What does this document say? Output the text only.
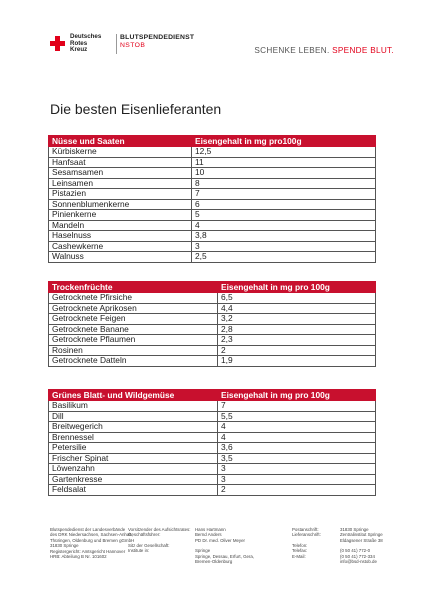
Deutsches
Rotes
Kreuz
BLUTSPENDEDIENST
NSTOB
SCHENKE LEBEN. SPENDE BLUT.
Die besten Eisenlieferanten
Nüsse und Saaten	Eisengehalt in mg pro100g
Kürbiskerne	12,5
Hanfsaat	11
Sesamsamen	10
Leinsamen	8
Pistazien	7
Sonnenblumenkerne	6
Pinienkerne	5
Mandeln	4
Haselnuss	3,8
Cashewkerne	3
Walnuss	2,5
Trockenfrüchte	Eisengehalt in mg pro 100g
Getrocknete Pfirsiche	6,5
Getrocknete Aprikosen	4,4
Getrocknete Feigen	3,2
Getrocknete Banane	2,8
Getrocknete Pflaumen	2,3
Rosinen	2
Getrocknete Datteln	1,9
Grünes Blatt- und Wildgemüse	Eisengehalt in mg pro 100g
Basilikum	7
Dill	5,5
Breitwegerich	4
Brennessel	4
Petersilie	3,6
Frischer Spinat	3,5
Löwenzahn	3
Gartenkresse	3
Feldsalat	2
Blutspendedienst der Landesverbände
des DRK Niedersachsen, Sachsen-Anhalt,
Thüringen, Oldenburg und Bremen gGmbH
31830 Springe
Registergericht: Amtsgericht Hannover
HRB: Abteilung B Nr. 101602
Vorsitzender des Aufsichtsrates:
Geschäftsführer:
Sitz der Gesellschaft:
Institute in:
Hans Hartmann
Bernd Anders
PD Dr. med. Oliver Meyer
Springe
Springe, Dessau, Erfurt, Gera,
Bremen-Oldenburg
Postanschrift:
Lieferanschrift:
Telefon:
Telefax:
E-Mail:
31830 Springe
Zentralinstitut Springe
Eldagsener Straße 38
(0 50 41) 772-0
(0 50 41) 772-334
info@bsd-nstob.de
